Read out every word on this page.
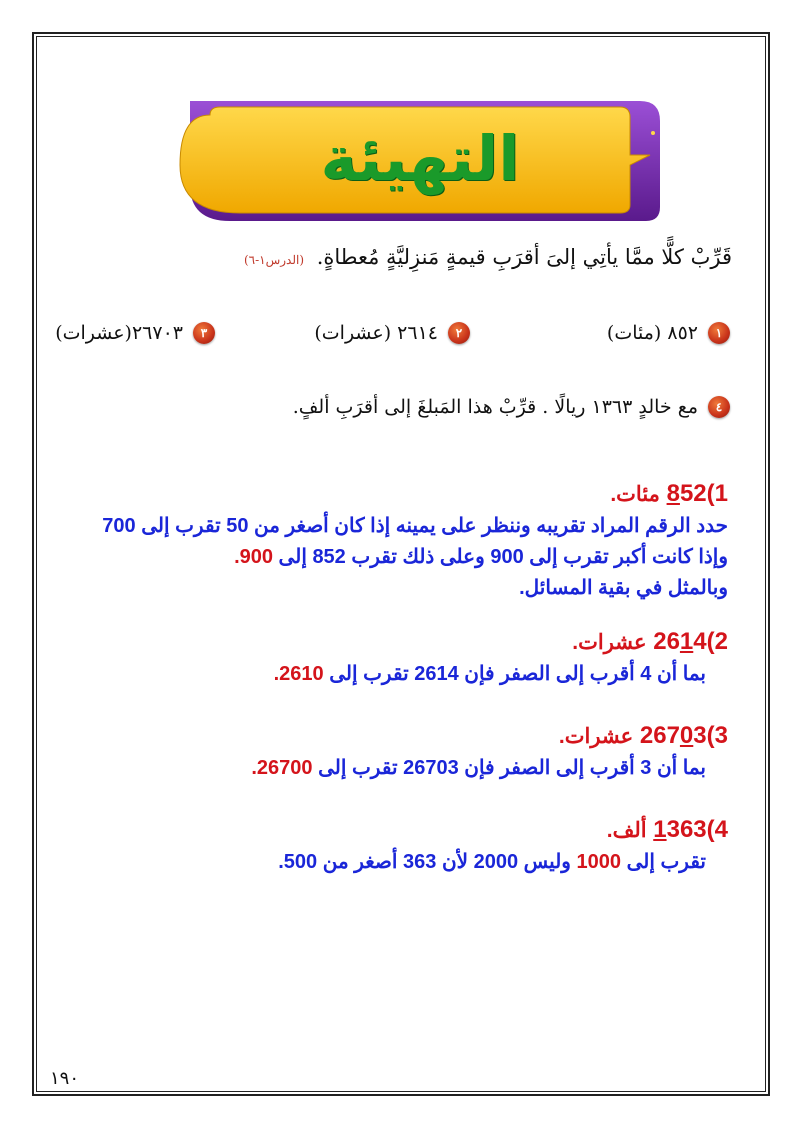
التهيئة
قَرِّبْ كلًّا ممَّا يأتِي إلىَ أقرَبِ قيمةٍ مَنزِليَّةٍ مُعطاةٍ. (الدرس١-٦)
١
٨٥٢ (مئات)
٢
٢٦١٤ (عشرات)
٣
٢٦٧٠٣(عشرات)
٤
مع خالدٍ ١٣٦٣ ريالًا . قرِّبْ هذا المَبلغَ إلى أقرَبِ ألفٍ.
1)852 مئات.
حدد الرقم المراد تقريبه وننظر على يمينه إذا كان أصغر من 50 تقرب إلى 700
وإذا كانت أكبر تقرب إلى 900 وعلى ذلك تقرب 852 إلى 900.
وبالمثل في بقية المسائل.
2)2614 عشرات.
بما أن 4 أقرب إلى الصفر فإن 2614 تقرب إلى 2610.
3)26703 عشرات.
بما أن 3 أقرب إلى الصفر فإن 26703 تقرب إلى 26700.
4)1363 ألف.
تقرب إلى 1000 وليس 2000 لأن 363 أصغر من 500.
١٩٠
